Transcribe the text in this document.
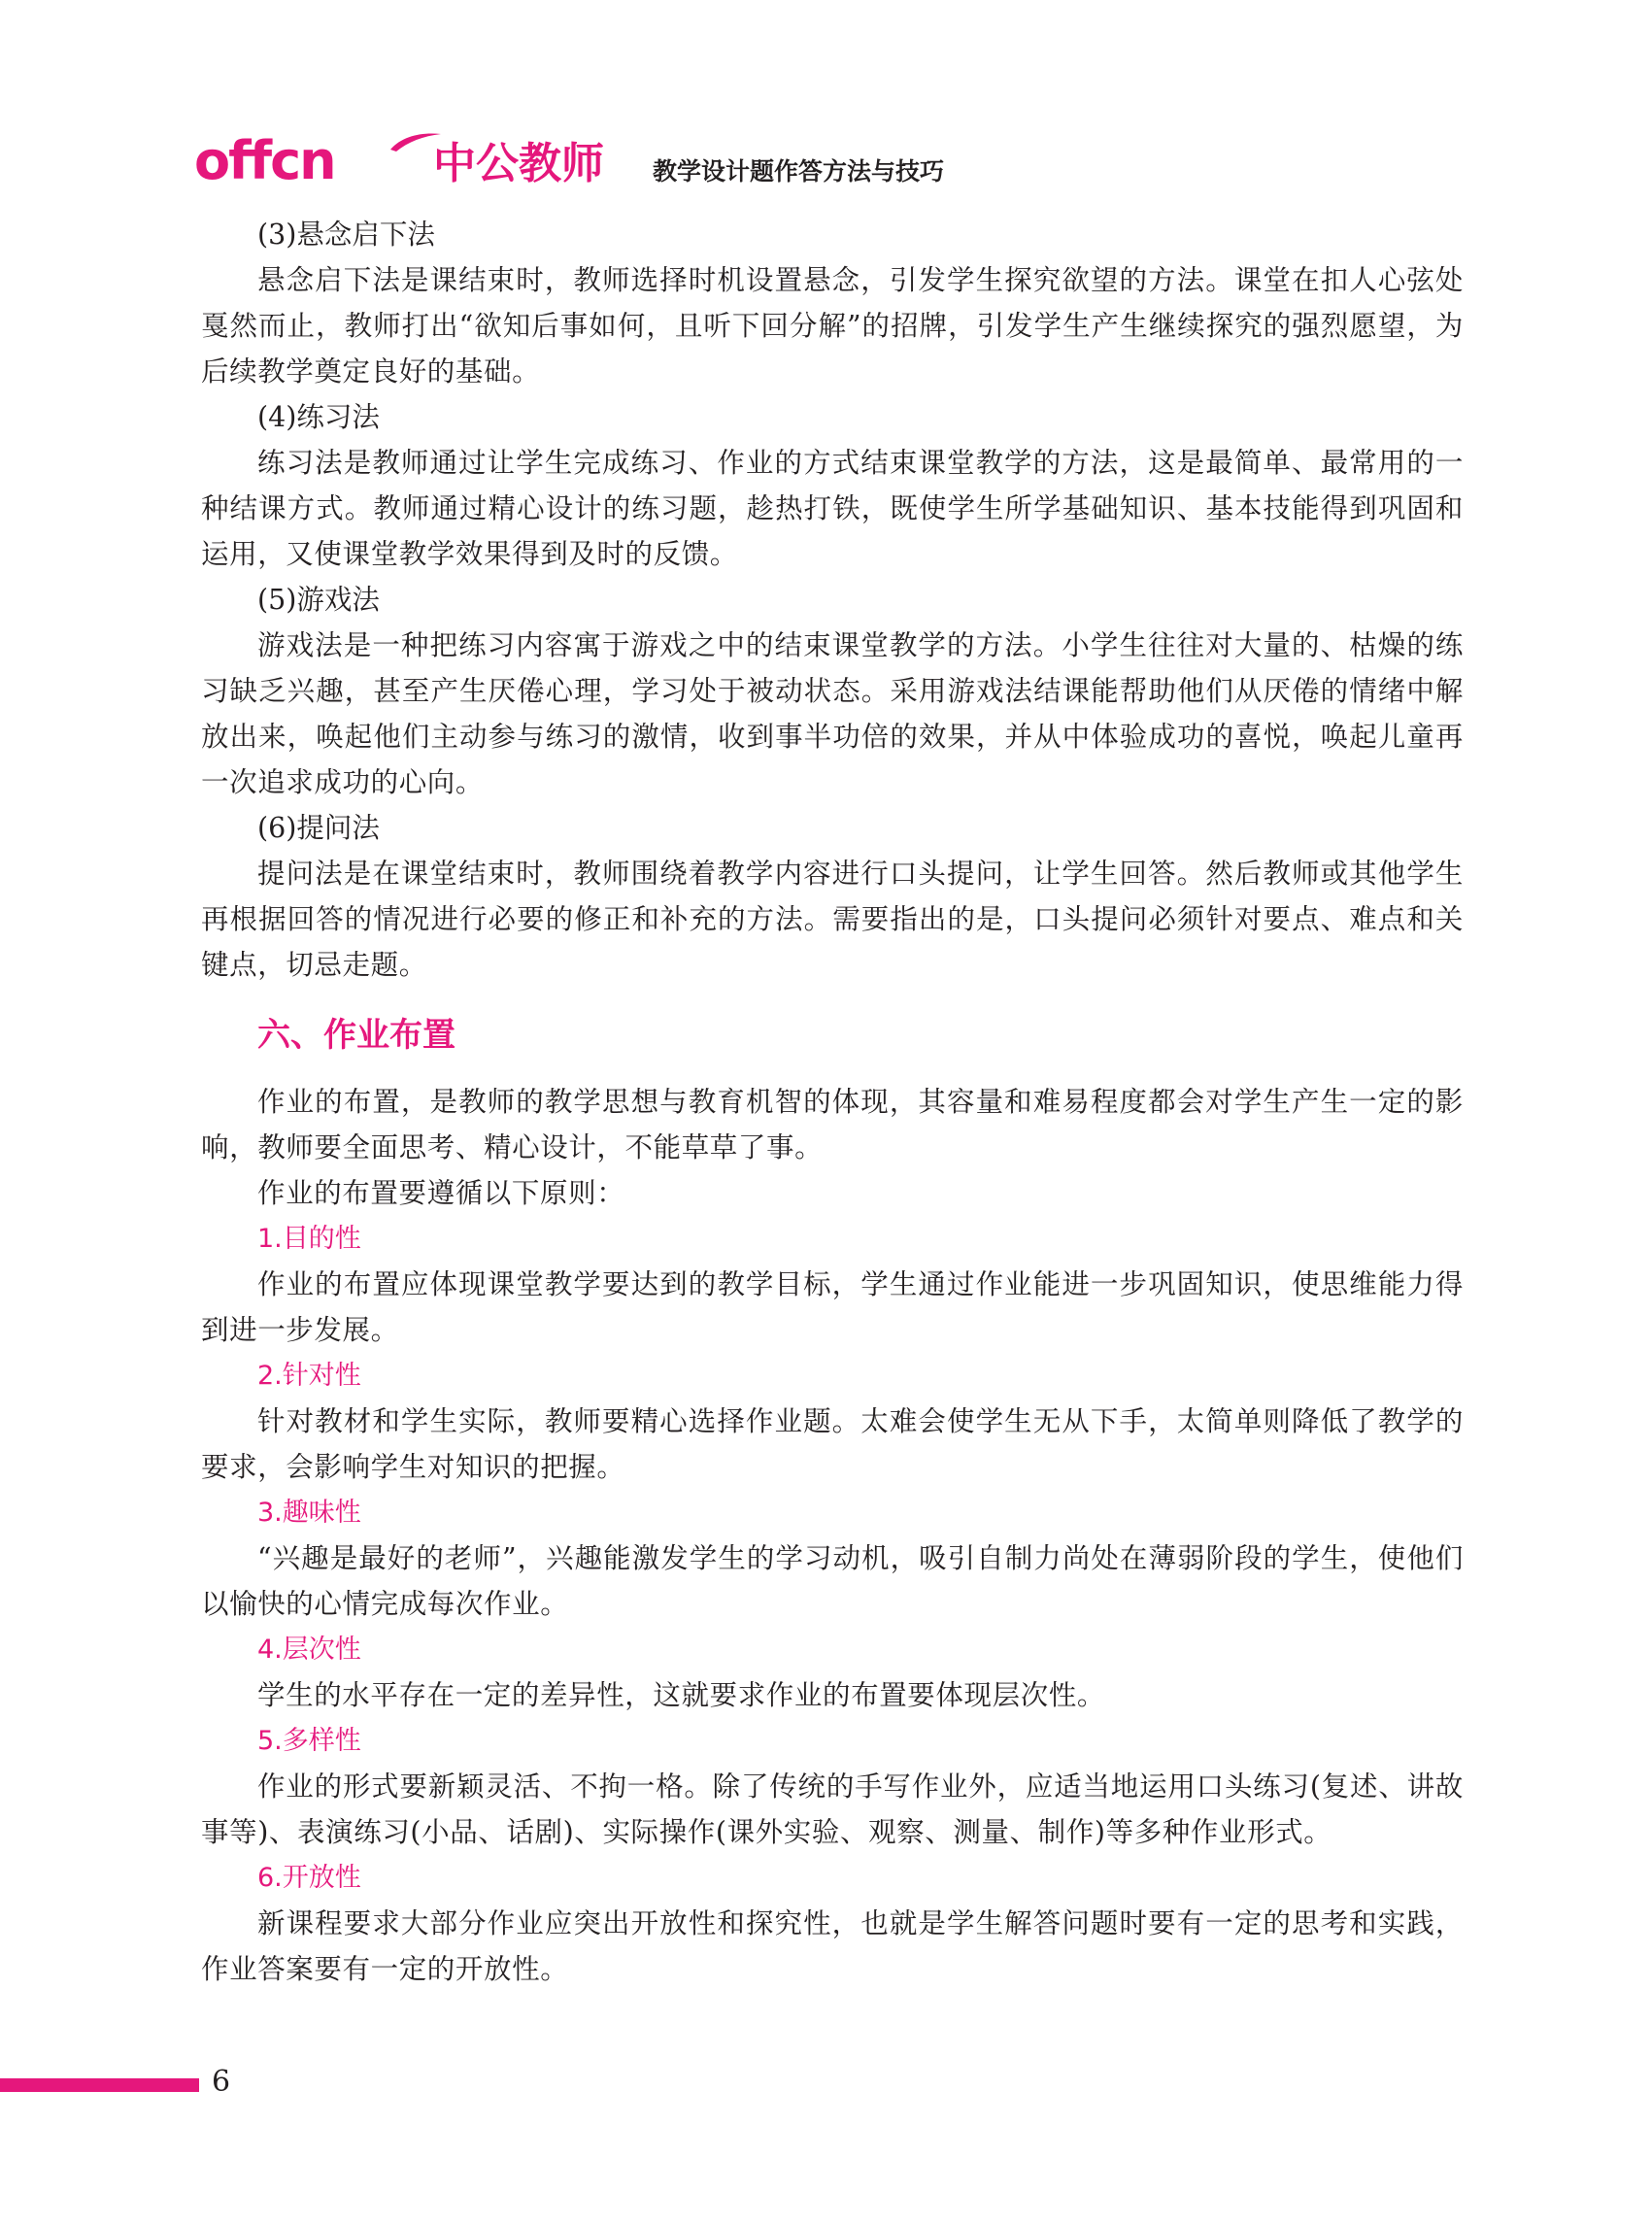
offcn 中公教师 教学设计题作答方法与技巧

(3)悬念启下法

悬念启下法是课结束时，教师选择时机设置悬念，引发学生探究欲望的方法。课堂在扣人心弦处戛然而止，教师打出“欲知后事如何，且听下回分解”的招牌，引发学生产生继续探究的强烈愿望，为后续教学奠定良好的基础。

(4)练习法

练习法是教师通过让学生完成练习、作业的方式结束课堂教学的方法，这是最简单、最常用的一种结课方式。教师通过精心设计的练习题，趁热打铁，既使学生所学基础知识、基本技能得到巩固和运用，又使课堂教学效果得到及时的反馈。

(5)游戏法

游戏法是一种把练习内容寓于游戏之中的结束课堂教学的方法。小学生往往对大量的、枯燥的练习缺乏兴趣，甚至产生厌倦心理，学习处于被动状态。采用游戏法结课能帮助他们从厌倦的情绪中解放出来，唤起他们主动参与练习的激情，收到事半功倍的效果，并从中体验成功的喜悦，唤起儿童再一次追求成功的心向。

(6)提问法

提问法是在课堂结束时，教师围绕着教学内容进行口头提问，让学生回答。然后教师或其他学生再根据回答的情况进行必要的修正和补充的方法。需要指出的是，口头提问必须针对要点、难点和关键点，切忌走题。

六、作业布置

作业的布置，是教师的教学思想与教育机智的体现，其容量和难易程度都会对学生产生一定的影响，教师要全面思考、精心设计，不能草草了事。

作业的布置要遵循以下原则：

1.目的性

作业的布置应体现课堂教学要达到的教学目标，学生通过作业能进一步巩固知识，使思维能力得到进一步发展。

2.针对性

针对教材和学生实际，教师要精心选择作业题。太难会使学生无从下手，太简单则降低了教学的要求，会影响学生对知识的把握。

3.趣味性

“兴趣是最好的老师”，兴趣能激发学生的学习动机，吸引自制力尚处在薄弱阶段的学生，使他们以愉快的心情完成每次作业。

4.层次性

学生的水平存在一定的差异性，这就要求作业的布置要体现层次性。

5.多样性

作业的形式要新颖灵活、不拘一格。除了传统的手写作业外，应适当地运用口头练习(复述、讲故事等)、表演练习(小品、话剧)、实际操作(课外实验、观察、测量、制作)等多种作业形式。

6.开放性

新课程要求大部分作业应突出开放性和探究性，也就是学生解答问题时要有一定的思考和实践，作业答案要有一定的开放性。

6
